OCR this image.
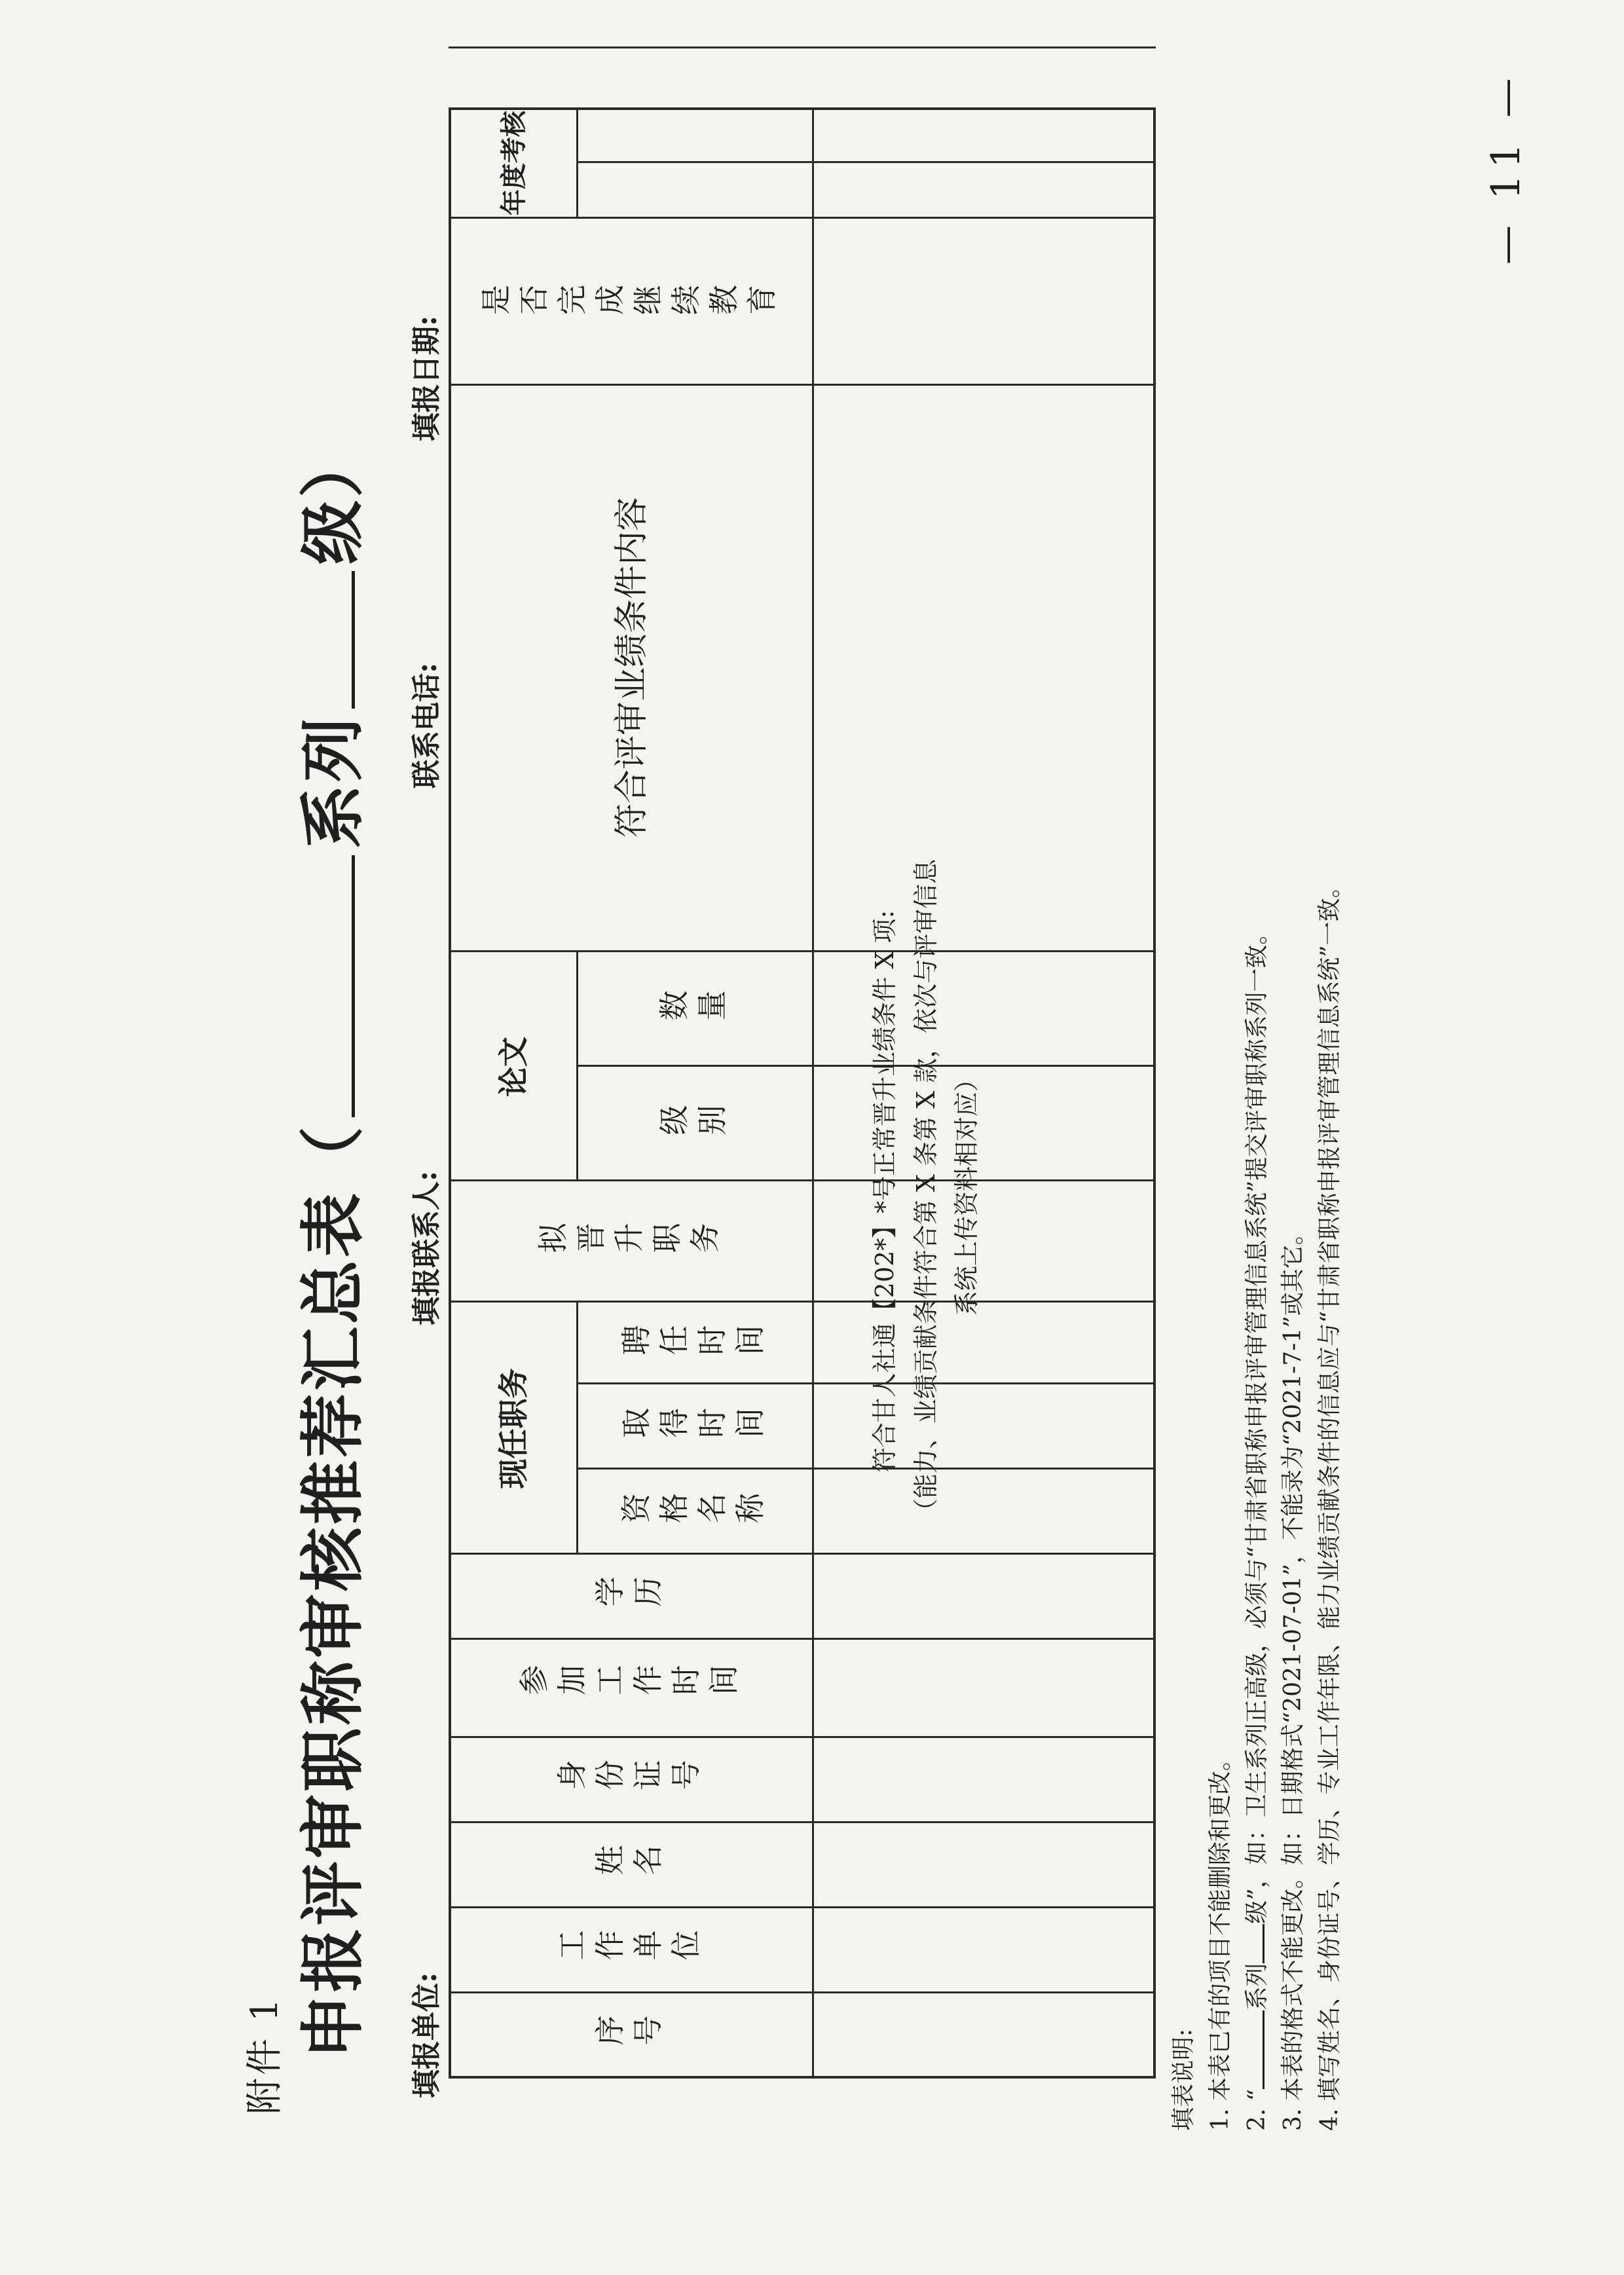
附件 1 申报评审职称审核推荐汇总表（系列级）
填报单位:
填报联系人:
联系电话:
填报日期:
序号
工作单位
姓名
身份证号
参加工作时间
学历
现任职务
资格名称
取得时间
聘任时间
拟晋升职务
论文
级别
数量
符合评审业绩条件内容
是否完成继续教育
年度考核
符合甘人社通【202*】*号正常晋升业绩条件 X 项: （能力、业绩贡献条件符合第 X 条第 X 款，依次与评审信息 系统上传资料相对应）
填表说明: 1. 本表已有的项目不能删除和更改。 2. “系列级”，如：卫生系列正高级，必须与“甘肃省职称申报评审管理信息系统”提交评审职称系列一致。 3. 本表的格式不能更改。如：日期格式“2021-07-01”，不能录为“2021-7-1”或其它。 4. 填写姓名、身份证号、学历、专业工作年限、能力业绩贡献条件的信息应与“甘肃省职称申报评审管理信息系统”一致。
— 11 —
